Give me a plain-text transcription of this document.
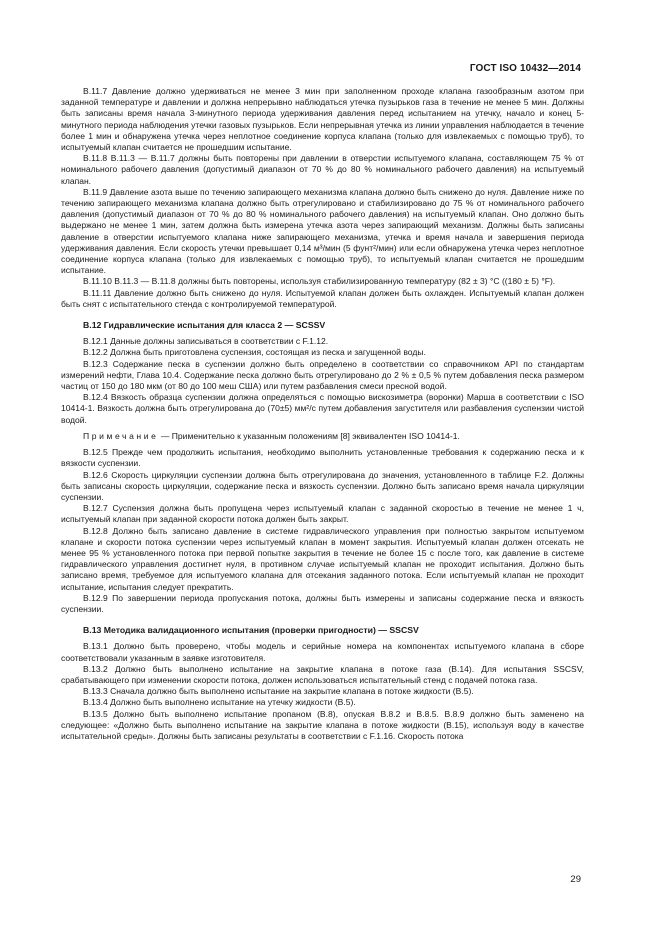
ГОСТ ISO 10432—2014

В.11.7 Давление должно удерживаться не менее 3 мин при заполненном проходе клапана газообразным азотом при заданной температуре и давлении и должна непрерывно наблюдаться утечка пузырьков газа в течение не менее 5 мин. Должны быть записаны время начала 3-минутного периода удерживания давления перед испытанием на утечку, начало и конец 5-минутного периода наблюдения утечки газовых пузырьков. Если непрерывная утечка из линии управления наблюдается в течение более 1 мин и обнаружена утечка через неплотное соединение корпуса клапана (только для извлекаемых с помощью труб), то испытуемый клапан считается не прошедшим испытание.

В.11.8 В.11.3 — В.11.7 должны быть повторены при давлении в отверстии испытуемого клапана, составляющем 75 % от номинального рабочего давления (допустимый диапазон от 70 % до 80 % номинального рабочего давления) на испытуемый клапан.

В.11.9 Давление азота выше по течению запирающего механизма клапана должно быть снижено до нуля. Давление ниже по течению запирающего механизма клапана должно быть отрегулировано и стабилизировано до 75 % от номинального рабочего давления (допустимый диапазон от 70 % до 80 % номинального рабочего давления) на испытуемый клапан. Оно должно быть выдержано не менее 1 мин, затем должна быть измерена утечка азота через запирающий механизм. Должны быть записаны давление в отверстии испытуемого клапана ниже запирающего механизма, утечка и время начала и завершения периода удерживания давления. Если скорость утечки превышает 0,14 м³/мин (5 фунт²/мин) или если обнаружена утечка через неплотное соединение корпуса клапана (только для извлекаемых с помощью труб), то испытуемый клапан считается не прошедшим испытание.

В.11.10 В.11.3 — В.11.8 должны быть повторены, используя стабилизированную температуру (82 ± 3) °С ((180 ± 5) °F).

В.11.11 Давление должно быть снижено до нуля. Испытуемой клапан должен быть охлажден. Испытуемый клапан должен быть снят с испытательного стенда с контролируемой температурой.

В.12 Гидравлические испытания для класса 2 — SCSSV

В.12.1 Данные должны записываться в соответствии с F.1.12.

В.12.2 Должна быть приготовлена суспензия, состоящая из песка и загущенной воды.

В.12.3 Содержание песка в суспензии должно быть определено в соответствии со справочником API по стандартам измерений нефти, Глава 10.4. Содержание песка должно быть отрегулировано до 2 % ± 0,5 % путем добавления песка размером частиц от 150 до 180 мкм (от 80 до 100 меш США) или путем разбавления смеси пресной водой.

В.12.4 Вязкость образца суспензии должна определяться с помощью вискозиметра (воронки) Марша в соответствии с ISO 10414-1. Вязкость должна быть отрегулирована до (70±5) мм²/с путем добавления загустителя или разбавления суспензии чистой водой.

Примечание — Применительно к указанным положениям [8] эквивалентен ISO 10414-1.

В.12.5 Прежде чем продолжить испытания, необходимо выполнить установленные требования к содержанию песка и к вязкости суспензии.

В.12.6 Скорость циркуляции суспензии должна быть отрегулирована до значения, установленного в таблице F.2. Должны быть записаны скорость циркуляции, содержание песка и вязкость суспензии. Должно быть записано время начала циркуляции суспензии.

В.12.7 Суспензия должна быть пропущена через испытуемый клапан с заданной скоростью в течение не менее 1 ч, испытуемый клапан при заданной скорости потока должен быть закрыт.

В.12.8 Должно быть записано давление в системе гидравлического управления при полностью закрытом испытуемом клапане и скорости потока суспензии через испытуемый клапан в момент закрытия. Испытуемый клапан должен отсекать не менее 95 % установленного потока при первой попытке закрытия в течение не более 15 с после того, как давление в системе гидравлического управления достигнет нуля, в противном случае испытуемый клапан не проходит испытания. Должно быть записано время, требуемое для испытуемого клапана для отсекания заданного потока. Если испытуемый клапан не проходит испытание, испытания следует прекратить.

В.12.9 По завершении периода пропускания потока, должны быть измерены и записаны содержание песка и вязкость суспензии.

В.13 Методика валидационного испытания (проверки пригодности) — SSCSV

В.13.1 Должно быть проверено, чтобы модель и серийные номера на компонентах испытуемого клапана в сборе соответствовали указанным в заявке изготовителя.

В.13.2 Должно быть выполнено испытание на закрытие клапана в потоке газа (В.14). Для испытания SSCSV, срабатывающего при изменении скорости потока, должен использоваться испытательный стенд с подачей потока газа.

В.13.3 Сначала должно быть выполнено испытание на закрытие клапана в потоке жидкости (В.5).

В.13.4 Должно быть выполнено испытание на утечку жидкости (В.5).

В.13.5 Должно быть выполнено испытание пропаном (В.8), опуская В.8.2 и В.8.5. В.8.9 должно быть заменено на следующее: «Должно быть выполнено испытание на закрытие клапана в потоке жидкости (В.15), используя воду в качестве испытательной среды». Должны быть записаны результаты в соответствии с F.1.16. Скорость потока

29
